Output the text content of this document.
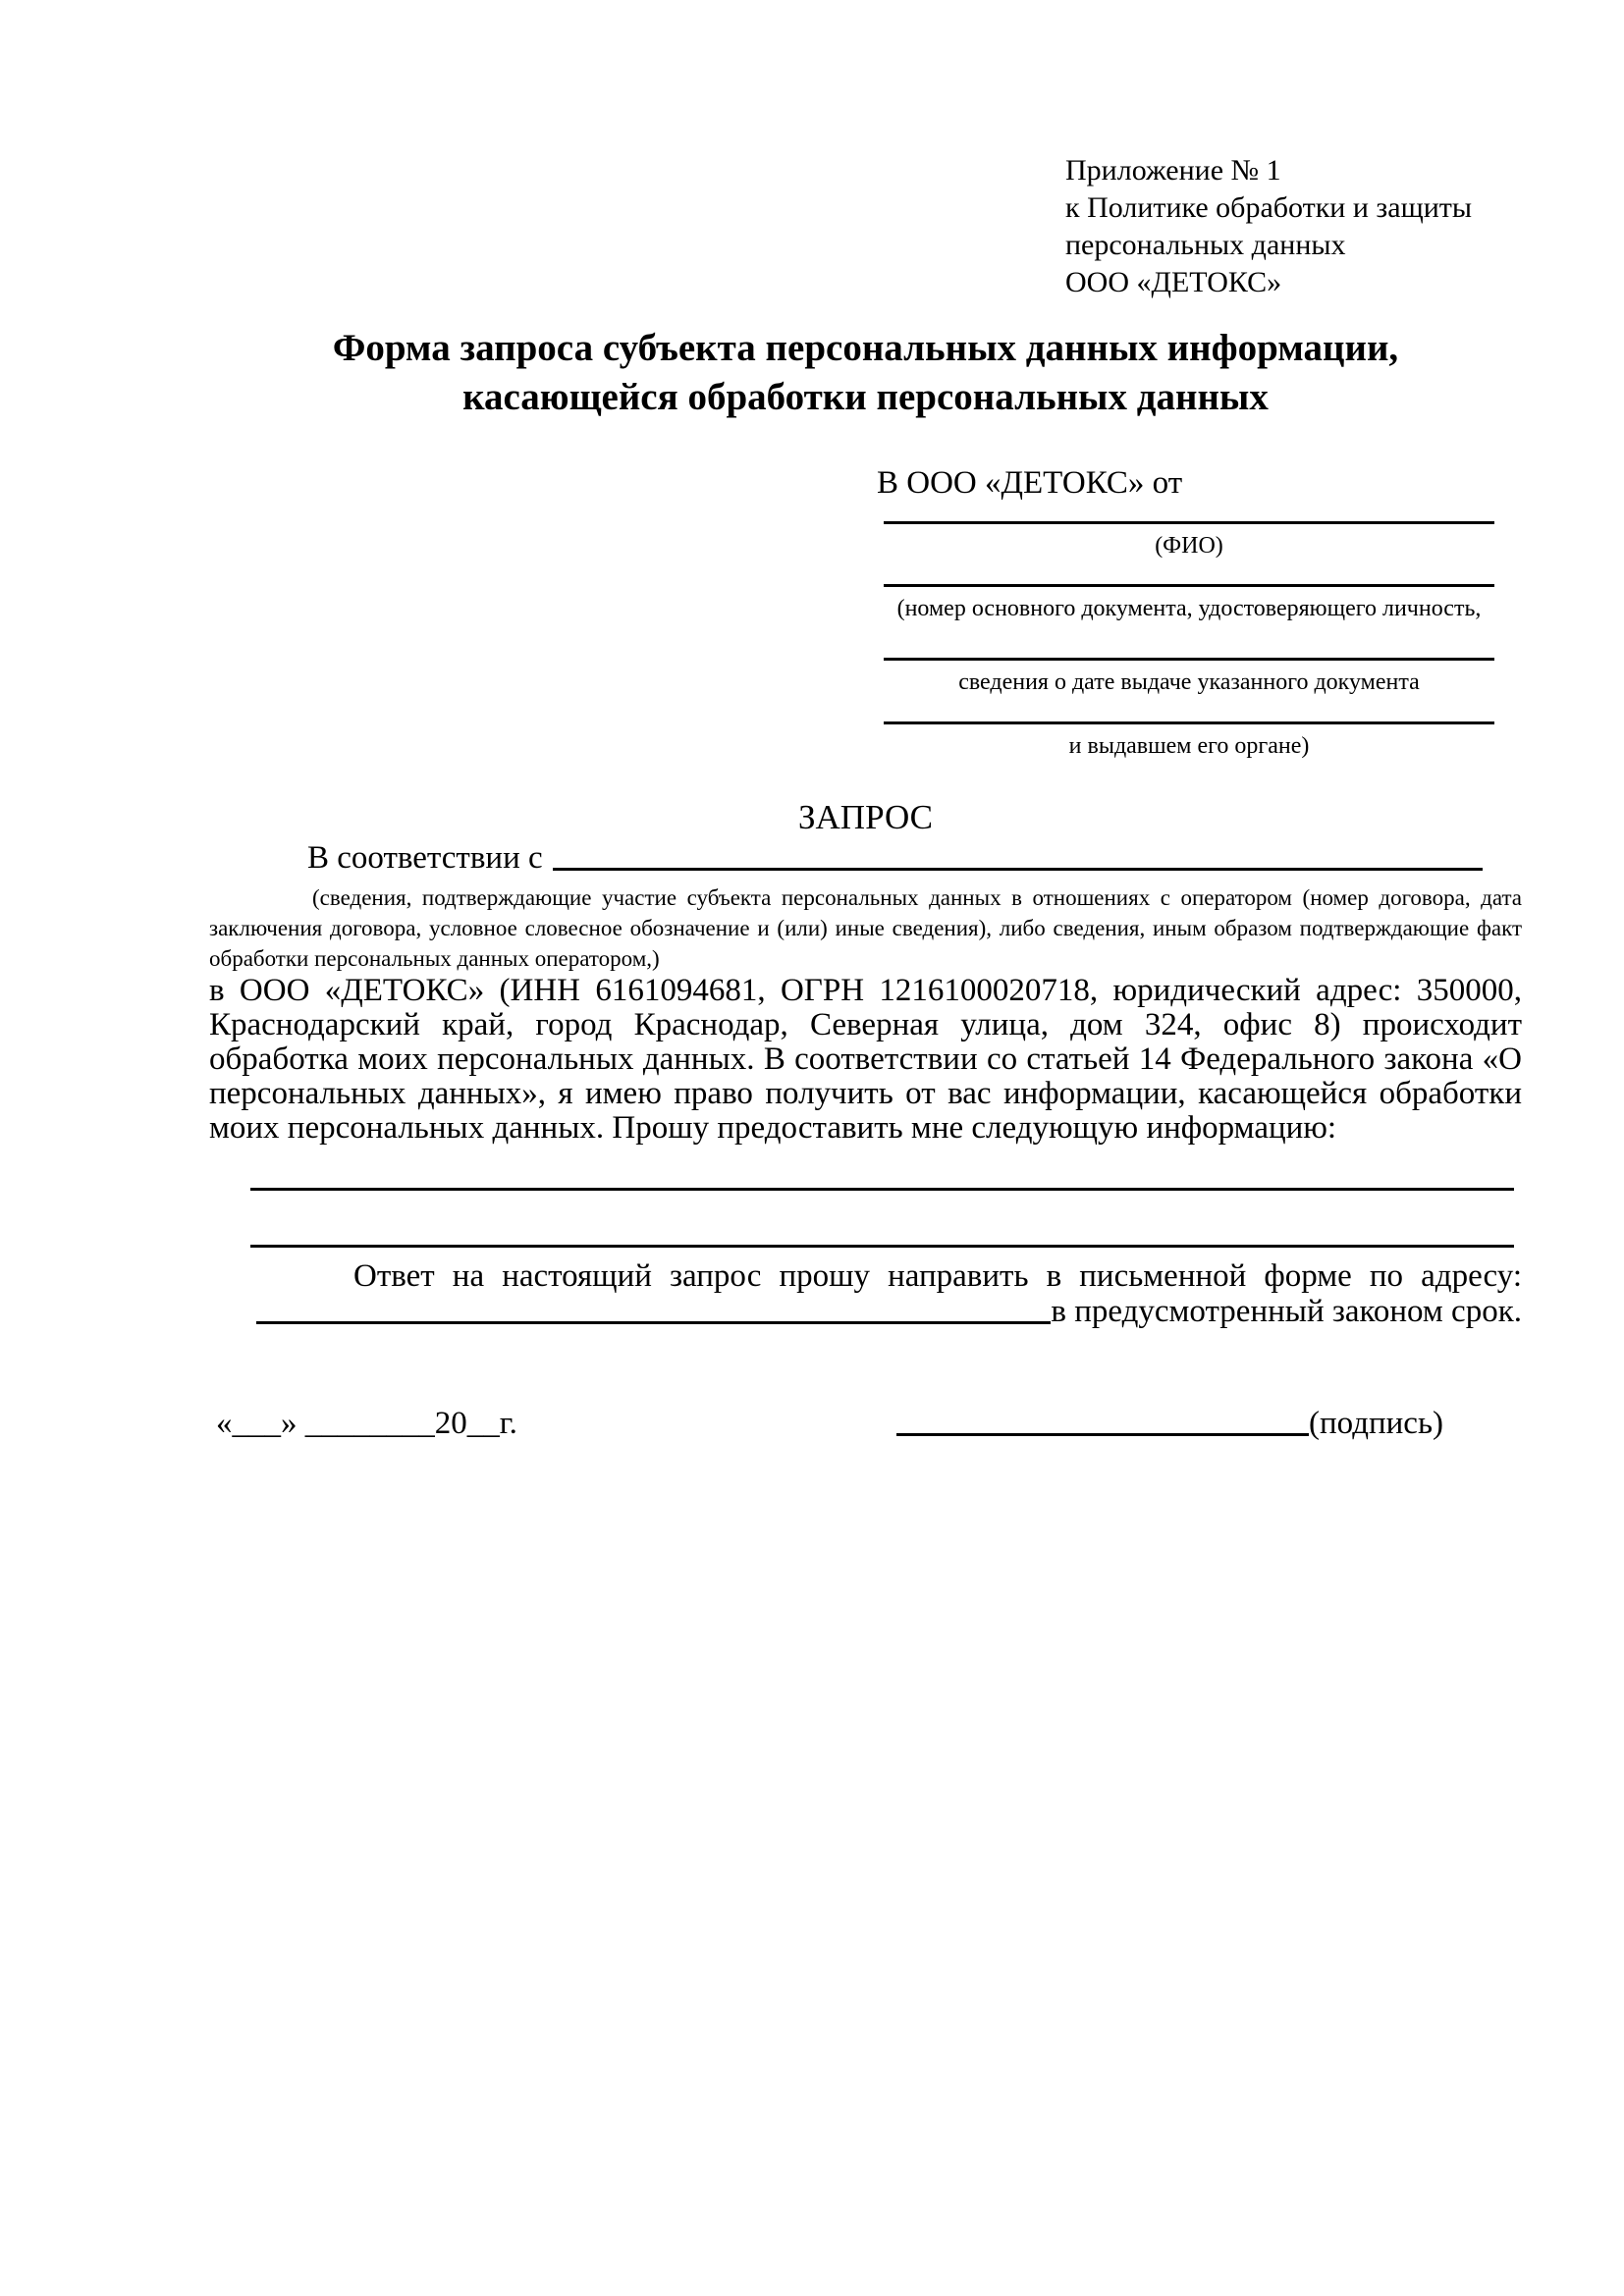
Приложение № 1
к Политике обработки и защиты
персональных данных
ООО «ДЕТОКС»
Форма запроса субъекта персональных данных информации,
касающейся обработки персональных данных
В ООО «ДЕТОКС» от
(ФИО)
(номер основного документа, удостоверяющего личность,
сведения о дате выдаче указанного документа
и выдавшем его органе)
ЗАПРОС
В соответствии с
(сведения, подтверждающие участие субъекта персональных данных в отношениях с оператором (номер договора, дата
заключения договора, условное словесное обозначение и (или) иные сведения), либо сведения, иным образом подтверждающие факт
обработки персональных данных оператором,)
в ООО «ДЕТОКС» (ИНН 6161094681, ОГРН 1216100020718, юридический адрес: 350000,
Краснодарский край, город Краснодар, Северная улица, дом 324, офис 8) происходит
обработка моих персональных данных. В соответствии со статьей 14 Федерального закона «О
персональных данных», я имею право получить от вас информации, касающейся обработки
моих персональных данных. Прошу предоставить мне следующую информацию:
Ответ на настоящий запрос прошу направить в письменной форме по адресу:
в предусмотренный законом срок.
«___» ________20__г.	(подпись)
